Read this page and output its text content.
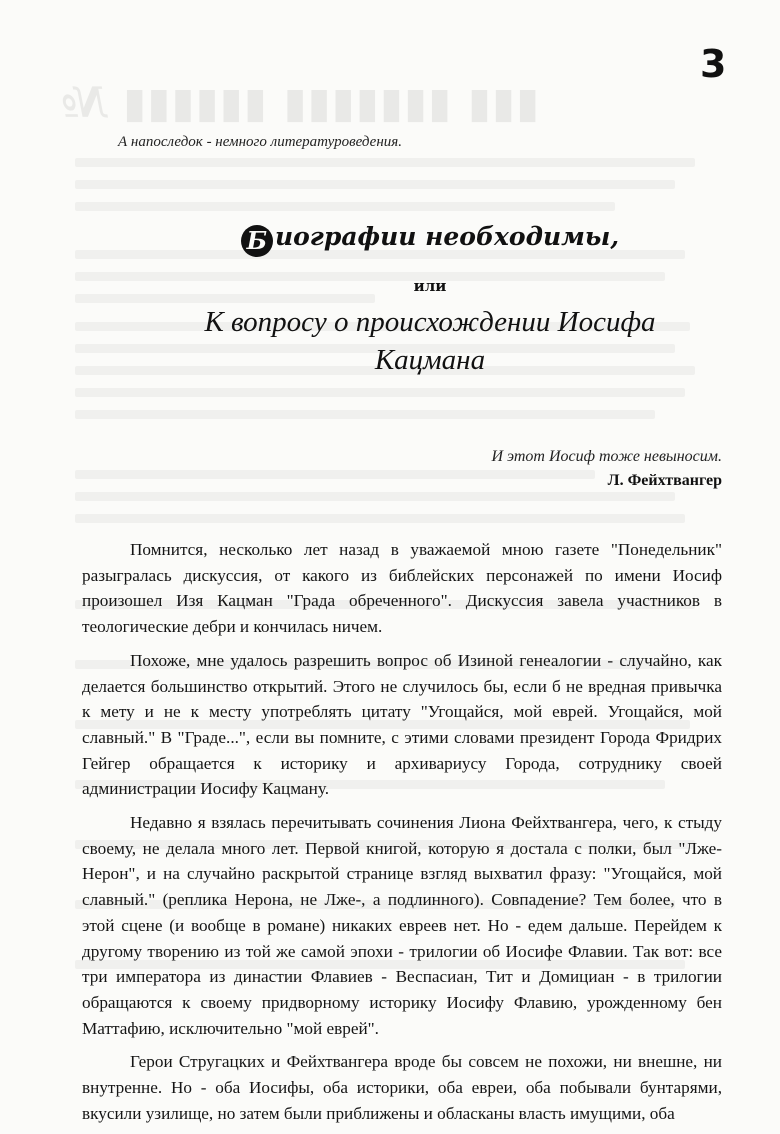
▮▮▮ ▮▮▮▮▮▮▮ ▮▮▮▮▮▮ №
3
А напоследок - немного литературоведения.
Б иографии необходимы,
или
К вопросу о происхождении Иосифа
Кацмана
И этот Иосиф тоже невыносим.
Л. Фейхтвангер

Помнится, несколько лет назад в уважаемой мною газете "Понедельник" разыгралась дискуссия, от какого из библейских персонажей по имени Иосиф произошел Изя Кацман "Града обреченного". Дискуссия завела участников в теологические дебри и кончилась ничем.

Похоже, мне удалось разрешить вопрос об Изиной генеалогии - случайно, как делается большинство открытий. Этого не случилось бы, если б не вредная привычка к мету и не к месту употреблять цитату "Угощайся, мой еврей. Угощайся, мой славный." В "Граде...", если вы помните, с этими словами президент Города Фридрих Гейгер обращается к историку и архивариусу Города, сотруднику своей администрации Иосифу Кацману.

Недавно я взялась перечитывать сочинения Лиона Фейхтвангера, чего, к стыду своему, не делала много лет. Первой книгой, которую я достала с полки, был "Лже-Нерон", и на случайно раскрытой странице взгляд выхватил фразу: "Угощайся, мой славный." (реплика Нерона, не Лже-, а подлинного). Совпадение? Тем более, что в этой сцене (и вообще в романе) никаких евреев нет. Но - едем дальше. Перейдем к другому творению из той же самой эпохи - трилогии об Иосифе Флавии. Так вот: все три императора из династии Флавиев - Веспасиан, Тит и Домициан - в трилогии обращаются к своему придворному историку Иосифу Флавию, урожденному бен Маттафию, исключительно "мой еврей".

Герои Стругацких и Фейхтвангера вроде бы совсем не похожи, ни внешне, ни внутренне. Но - оба Иосифы, оба историки, оба евреи, оба побывали бунтарями, вкусили узилище, но затем были приближены и обласканы власть имущими, оба
